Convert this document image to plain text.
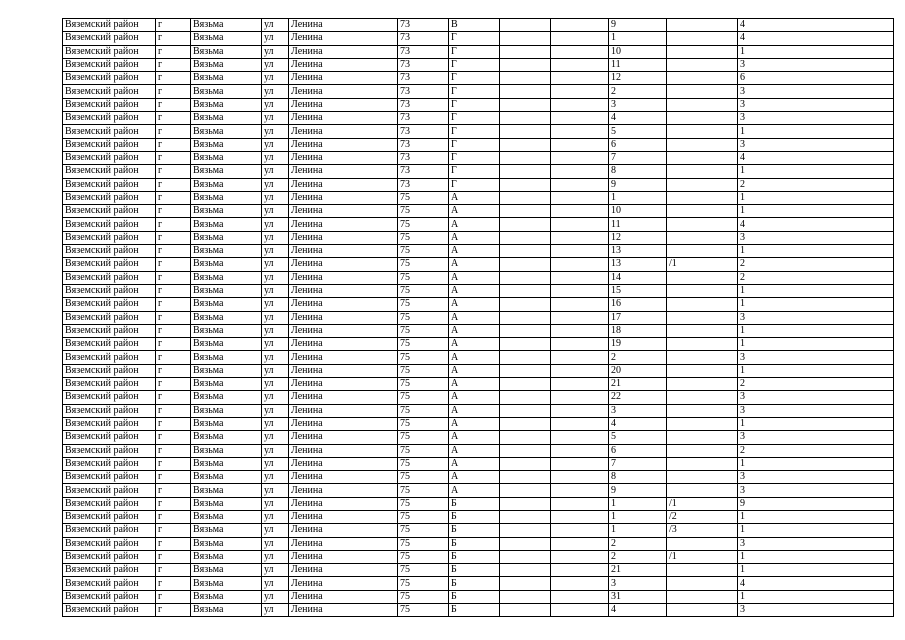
Вяземский район	г	Вязьма	ул	Ленина	73	В			9		4
Вяземский район	г	Вязьма	ул	Ленина	73	Г			1		4
Вяземский район	г	Вязьма	ул	Ленина	73	Г			10		1
Вяземский район	г	Вязьма	ул	Ленина	73	Г			11		3
Вяземский район	г	Вязьма	ул	Ленина	73	Г			12		6
Вяземский район	г	Вязьма	ул	Ленина	73	Г			2		3
Вяземский район	г	Вязьма	ул	Ленина	73	Г			3		3
Вяземский район	г	Вязьма	ул	Ленина	73	Г			4		3
Вяземский район	г	Вязьма	ул	Ленина	73	Г			5		1
Вяземский район	г	Вязьма	ул	Ленина	73	Г			6		3
Вяземский район	г	Вязьма	ул	Ленина	73	Г			7		4
Вяземский район	г	Вязьма	ул	Ленина	73	Г			8		1
Вяземский район	г	Вязьма	ул	Ленина	73	Г			9		2
Вяземский район	г	Вязьма	ул	Ленина	75	А			1		1
Вяземский район	г	Вязьма	ул	Ленина	75	А			10		1
Вяземский район	г	Вязьма	ул	Ленина	75	А			11		4
Вяземский район	г	Вязьма	ул	Ленина	75	А			12		3
Вяземский район	г	Вязьма	ул	Ленина	75	А			13		1
Вяземский район	г	Вязьма	ул	Ленина	75	А			13	/1	2
Вяземский район	г	Вязьма	ул	Ленина	75	А			14		2
Вяземский район	г	Вязьма	ул	Ленина	75	А			15		1
Вяземский район	г	Вязьма	ул	Ленина	75	А			16		1
Вяземский район	г	Вязьма	ул	Ленина	75	А			17		3
Вяземский район	г	Вязьма	ул	Ленина	75	А			18		1
Вяземский район	г	Вязьма	ул	Ленина	75	А			19		1
Вяземский район	г	Вязьма	ул	Ленина	75	А			2		3
Вяземский район	г	Вязьма	ул	Ленина	75	А			20		1
Вяземский район	г	Вязьма	ул	Ленина	75	А			21		2
Вяземский район	г	Вязьма	ул	Ленина	75	А			22		3
Вяземский район	г	Вязьма	ул	Ленина	75	А			3		3
Вяземский район	г	Вязьма	ул	Ленина	75	А			4		1
Вяземский район	г	Вязьма	ул	Ленина	75	А			5		3
Вяземский район	г	Вязьма	ул	Ленина	75	А			6		2
Вяземский район	г	Вязьма	ул	Ленина	75	А			7		1
Вяземский район	г	Вязьма	ул	Ленина	75	А			8		3
Вяземский район	г	Вязьма	ул	Ленина	75	А			9		3
Вяземский район	г	Вязьма	ул	Ленина	75	Б			1	/1	9
Вяземский район	г	Вязьма	ул	Ленина	75	Б			1	/2	1
Вяземский район	г	Вязьма	ул	Ленина	75	Б			1	/3	1
Вяземский район	г	Вязьма	ул	Ленина	75	Б			2		3
Вяземский район	г	Вязьма	ул	Ленина	75	Б			2	/1	1
Вяземский район	г	Вязьма	ул	Ленина	75	Б			21		1
Вяземский район	г	Вязьма	ул	Ленина	75	Б			3		4
Вяземский район	г	Вязьма	ул	Ленина	75	Б			31		1
Вяземский район	г	Вязьма	ул	Ленина	75	Б			4		3
